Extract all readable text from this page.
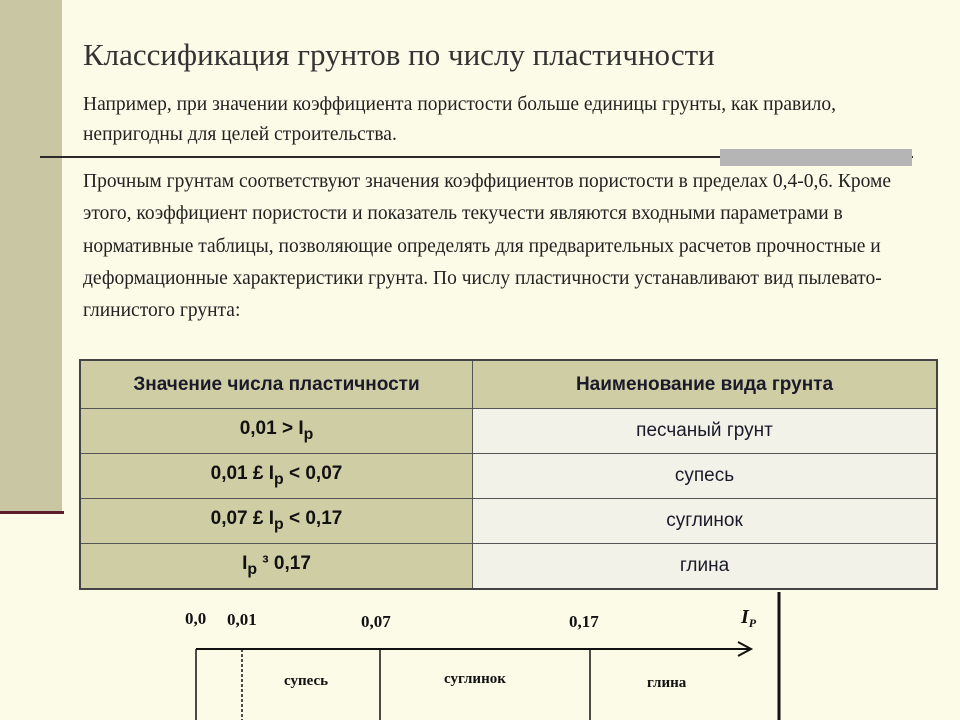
Классификация грунтов по числу пластичности
Например, при значении коэффициента пористости больше единицы грунты, как правило, непригодны для целей строительства.
Прочным грунтам соответствуют значения коэффициентов пористости в пределах 0,4-0,6. Кроме этого, коэффициент пористости и показатель текучести являются входными параметрами в нормативные таблицы, позволяющие определять для предварительных расчетов прочностные и деформационные характеристики грунта. По числу пластичности устанавливают вид пылевато-глинистого грунта:
Значение числа пластичности	Наименование вида грунта
$0,01 > I_p$	песчаный грунт
0,01 £ $I_p < 0,07$	супесь
0,07 £ $I_p < 0,17$	суглинок
$I_p$ ³ 0,17	глина
0,0 0,01	0,07	0,17	$I_P$
супесь	суглинок	глина
